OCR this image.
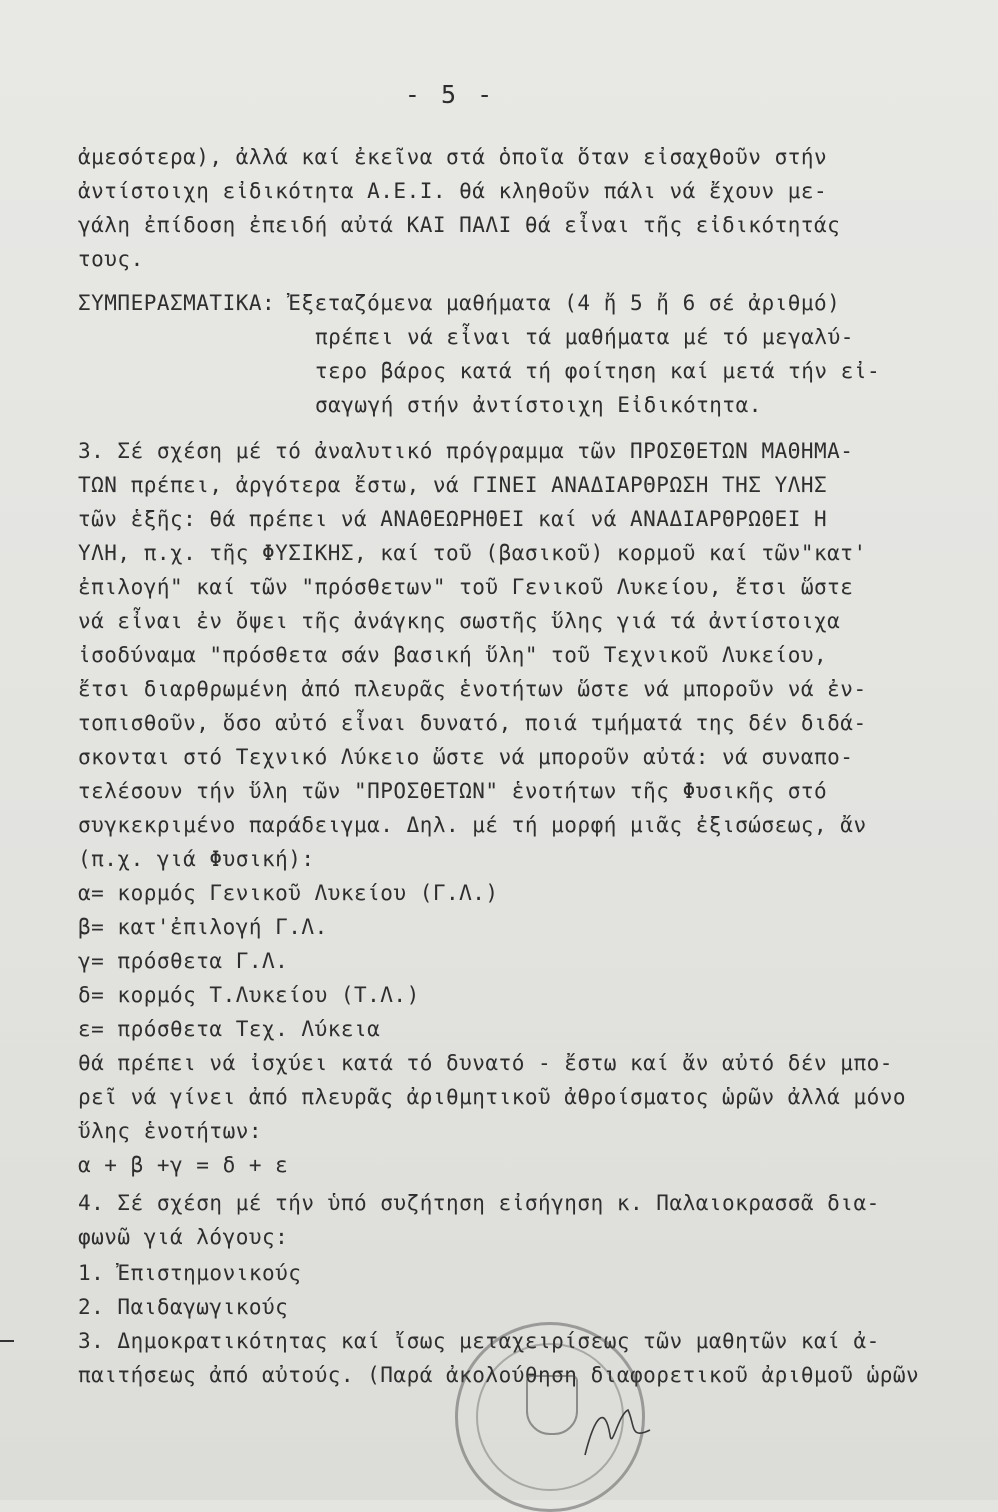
- 5 -
ἀμεσότερα), ἀλλά καί ἐκεῖνα στά ὁποῖα ὅταν εἰσαχθοῦν στήν
ἀντίστοιχη εἰδικότητα Α.Ε.Ι. θά κληθοῦν πάλι νά ἔχουν με-
γάλη ἐπίδοση ἐπειδή αὐτά ΚΑΙ ΠΑΛΙ θά εἶναι τῆς εἰδικότητάς
τους.
ΣΥΜΠΕΡΑΣΜΑΤΙΚΑ: Ἐξεταζόμενα μαθήματα (4 ἤ 5 ἤ 6 σέ ἀριθμό)
πρέπει νά εἶναι τά μαθήματα μέ τό μεγαλύ-
τερο βάρος κατά τή φοίτηση καί μετά τήν εἰ-
σαγωγή στήν ἀντίστοιχη Εἰδικότητα.
3. Σέ σχέση μέ τό ἀναλυτικό πρόγραμμα τῶν ΠΡΟΣΘΕΤΩΝ ΜΑΘΗΜΑ-
ΤΩΝ πρέπει, ἀργότερα ἔστω, νά ΓΙΝΕΙ ΑΝΑΔΙΑΡΘΡΩΣΗ ΤΗΣ ΥΛΗΣ
τῶν ἑξῆς: θά πρέπει νά ΑΝΑΘΕΩΡΗΘΕΙ καί νά ΑΝΑΔΙΑΡΘΡΩΘΕΙ Η
ΥΛΗ, π.χ. τῆς ΦΥΣΙΚΗΣ, καί τοῦ (βασικοῦ) κορμοῦ καί τῶν"κατ'
ἐπιλογή" καί τῶν "πρόσθετων" τοῦ Γενικοῦ Λυκείου, ἔτσι ὥστε
νά εἶναι ἐν ὄψει τῆς ἀνάγκης σωστῆς ὕλης γιά τά ἀντίστοιχα
ἰσοδύναμα "πρόσθετα σάν βασική ὕλη" τοῦ Τεχνικοῦ Λυκείου,
ἔτσι διαρθρωμένη ἀπό πλευρᾶς ἑνοτήτων ὥστε νά μποροῦν νά ἐν-
τοπισθοῦν, ὅσο αὐτό εἶναι δυνατό, ποιά τμήματά της δέν διδά-
σκονται στό Τεχνικό Λύκειο ὥστε νά μποροῦν αὐτά: νά συναπο-
τελέσουν τήν ὕλη τῶν "ΠΡΟΣΘΕΤΩΝ" ἑνοτήτων τῆς Φυσικῆς στό
συγκεκριμένο παράδειγμα. Δηλ. μέ τή μορφή μιᾶς ἐξισώσεως, ἄν
(π.χ. γιά Φυσική):
α= κορμός Γενικοῦ Λυκείου (Γ.Λ.)
β= κατ'ἐπιλογή Γ.Λ.
γ= πρόσθετα Γ.Λ.
δ= κορμός Τ.Λυκείου (Τ.Λ.)
ε= πρόσθετα Τεχ. Λύκεια
θά πρέπει νά ἰσχύει κατά τό δυνατό - ἔστω καί ἄν αὐτό δέν μπο-
ρεῖ νά γίνει ἀπό πλευρᾶς ἀριθμητικοῦ ἀθροίσματος ὡρῶν ἀλλά μόνο
ὕλης ἑνοτήτων:
α + β +γ = δ + ε
4. Σέ σχέση μέ τήν ὑπό συζήτηση εἰσήγηση κ. Παλαιοκρασσᾶ δια-
φωνῶ γιά λόγους:
1. Ἐπιστημονικούς
2. Παιδαγωγικούς
3. Δημοκρατικότητας καί ἴσως μεταχειρίσεως τῶν μαθητῶν καί ἀ-
παιτήσεως ἀπό αὐτούς. (Παρά ἀκολούθηση διαφορετικοῦ ἀριθμοῦ ὡρῶν
